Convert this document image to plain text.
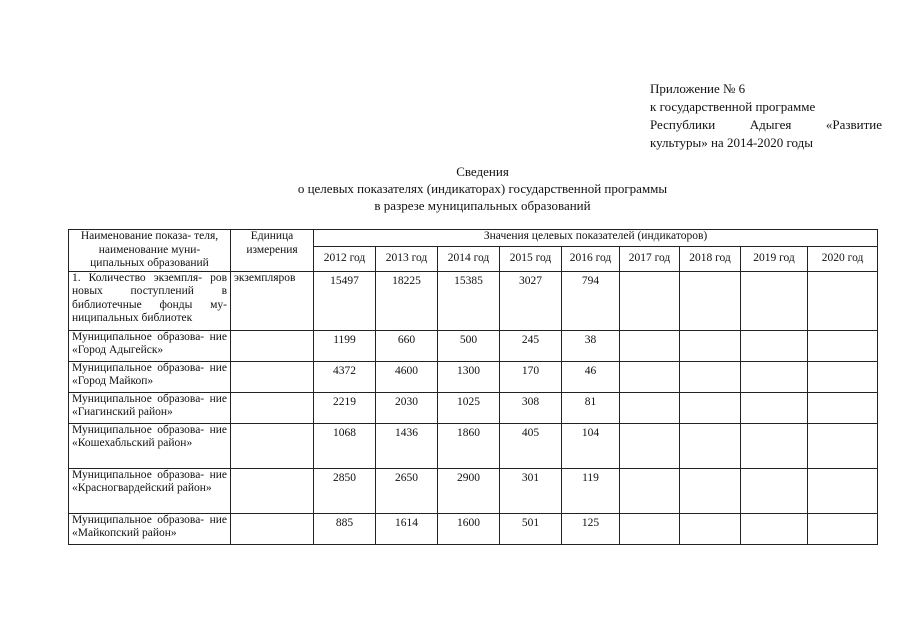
Приложение № 6
к государственной программе
Республики	Адыгея	«Развитие
культуры» на 2014-2020 годы
Сведения
о целевых показателях (индикаторах) государственной программы
в разрезе муниципальных образований
Наименование показа- теля, наименование муни- ципальных образований	Единица измерения	Значения целевых показателей (индикаторов)								
		2012 год	2013 год	2014 год	2015 год	2016 год	2017 год	2018 год	2019 год	2020 год
1. Количество экземпля- ров новых поступлений в библиотечные фонды му- ниципальных библиотек	экземпляров	15497	18225	15385	3027	794				
Муниципальное образова- ние «Город Адыгейск»		1199	660	500	245	38				
Муниципальное образова- ние «Город Майкоп»		4372	4600	1300	170	46				
Муниципальное образова- ние «Гиагинский район»		2219	2030	1025	308	81				
Муниципальное образова- ние «Кошехабльский район»		1068	1436	1860	405	104				
Муниципальное образова- ние «Красногвардейский район»		2850	2650	2900	301	119				
Муниципальное образова- ние «Майкопский район»		885	1614	1600	501	125				
